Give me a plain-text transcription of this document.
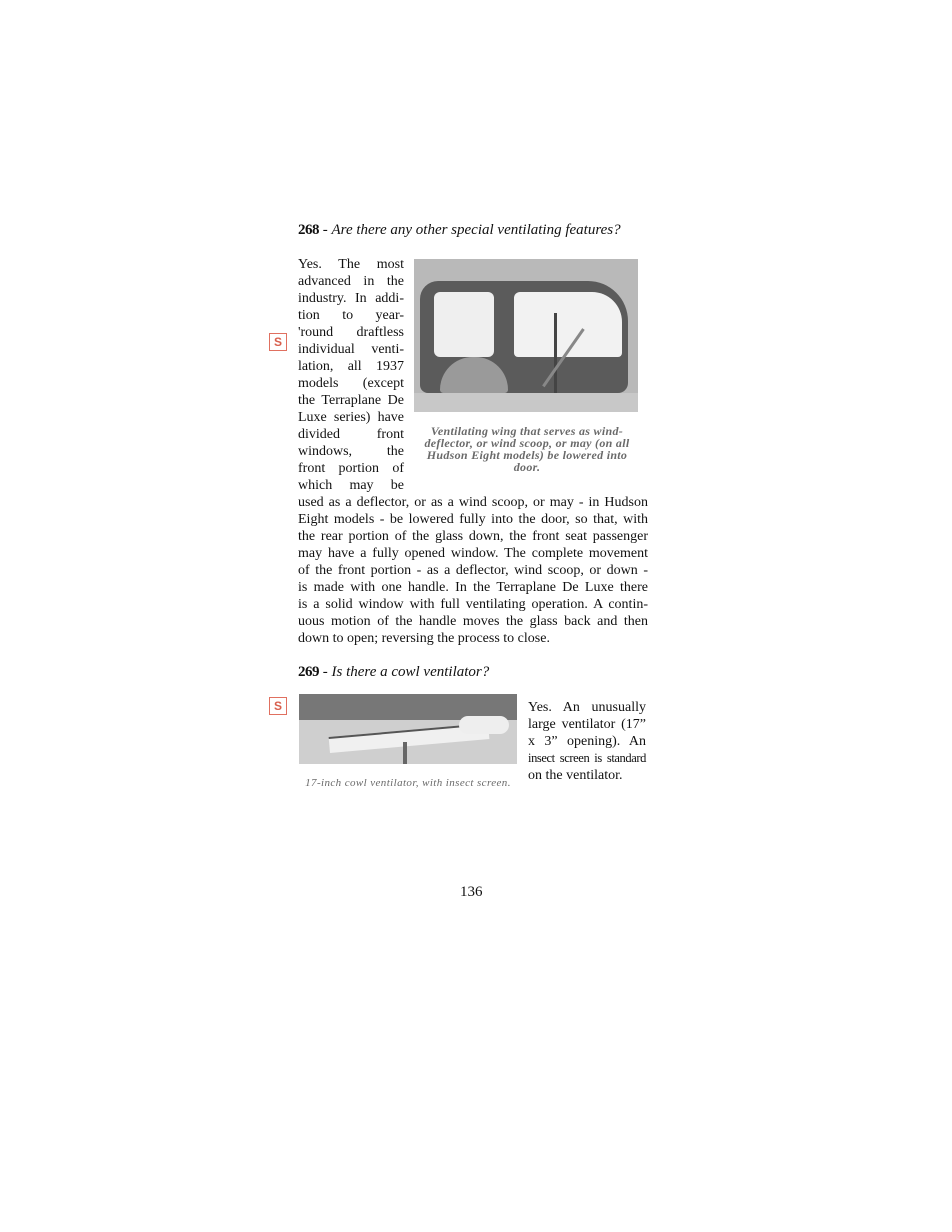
268 - Are there any other special ventilating features?
S
Yes. The most
advanced in the
industry. In addi-
tion to year-
'round draftless
individual venti-
lation, all 1937
models (except
the Terraplane De
Luxe series) have
divided front
windows, the
front portion of
which may be
Ventilating wing that serves as wind-
deflector, or wind scoop, or may (on all
Hudson Eight models) be lowered into
door.
used as a deflector, or as a wind scoop, or may - in Hudson
Eight models - be lowered fully into the door, so that, with
the rear portion of the glass down, the front seat passenger
may have a fully opened window. The complete movement
of the front portion - as a deflector, wind scoop, or down -
is made with one handle. In the Terraplane De Luxe there
is a solid window with full ventilating operation. A contin-
uous motion of the handle moves the glass back and then
down to open; reversing the process to close.
269 - Is there a cowl ventilator?
S
17-inch cowl ventilator, with insect screen.
Yes. An unusually
large ventilator (17”
x 3” opening). An
insect screen is standard
on the ventilator.
136
